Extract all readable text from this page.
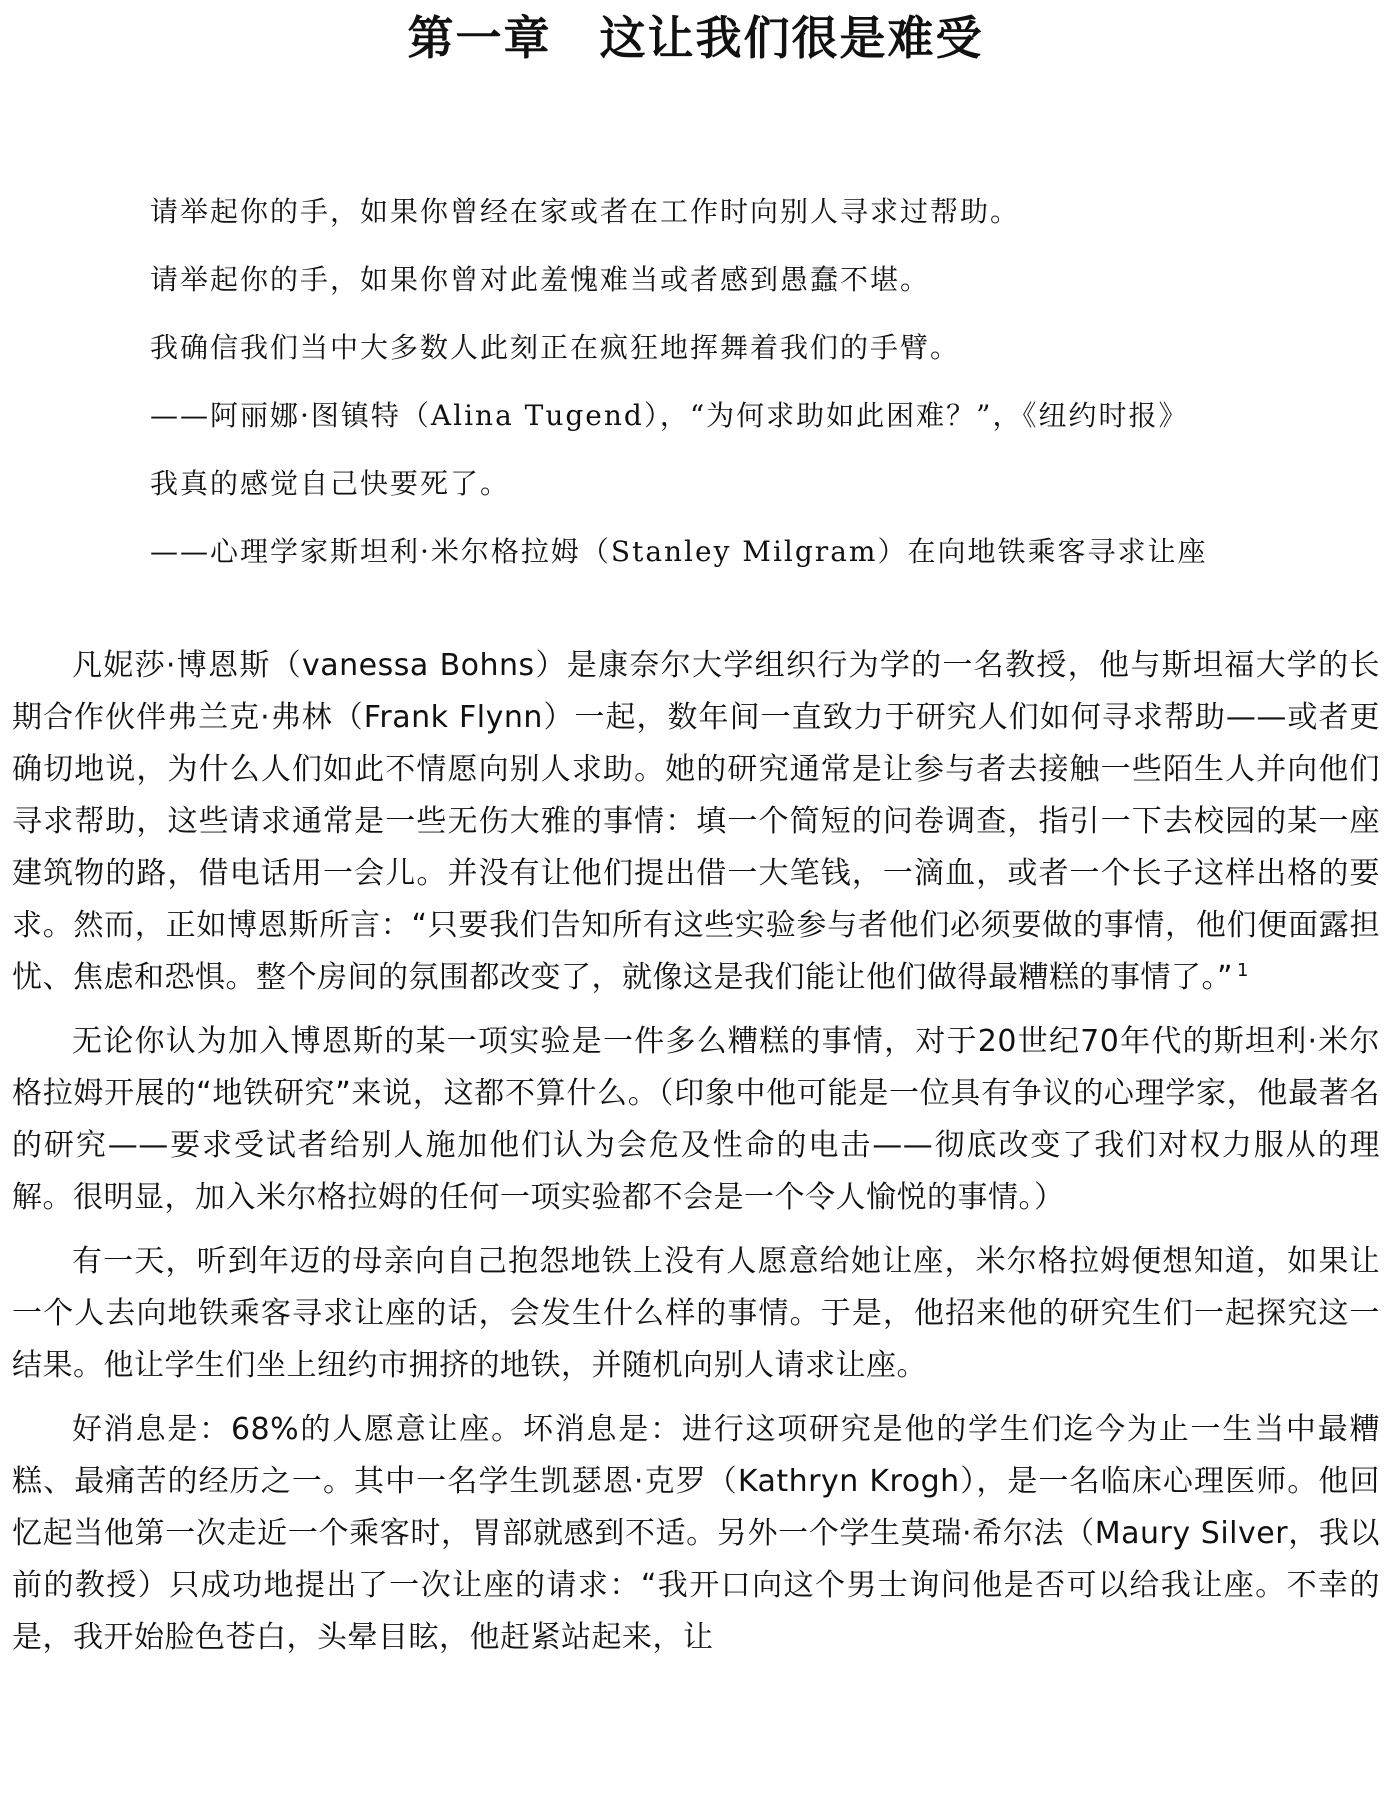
第一章　这让我们很是难受

请举起你的手，如果你曾经在家或者在工作时向别人寻求过帮助。

请举起你的手，如果你曾对此羞愧难当或者感到愚蠢不堪。

我确信我们当中大多数人此刻正在疯狂地挥舞着我们的手臂。

——阿丽娜·图镇特（Alina Tugend），“为何求助如此困难？”，《纽约时报》

我真的感觉自己快要死了。

——心理学家斯坦利·米尔格拉姆（Stanley Milgram）在向地铁乘客寻求让座

凡妮莎·博恩斯（vanessa Bohns）是康奈尔大学组织行为学的一名教授，他与斯坦福大学的长期合作伙伴弗兰克·弗林（Frank Flynn）一起，数年间一直致力于研究人们如何寻求帮助——或者更确切地说，为什么人们如此不情愿向别人求助。她的研究通常是让参与者去接触一些陌生人并向他们寻求帮助，这些请求通常是一些无伤大雅的事情：填一个简短的问卷调查，指引一下去校园的某一座建筑物的路，借电话用一会儿。并没有让他们提出借一大笔钱，一滴血，或者一个长子这样出格的要求。然而，正如博恩斯所言：“只要我们告知所有这些实验参与者他们必须要做的事情，他们便面露担忧、焦虑和恐惧。整个房间的氛围都改变了，就像这是我们能让他们做得最糟糕的事情了。” $^1$

无论你认为加入博恩斯的某一项实验是一件多么糟糕的事情，对于20世纪70年代的斯坦利·米尔格拉姆开展的“地铁研究”来说，这都不算什么。（印象中他可能是一位具有争议的心理学家，他最著名的研究——要求受试者给别人施加他们认为会危及性命的电击——彻底改变了我们对权力服从的理解。很明显，加入米尔格拉姆的任何一项实验都不会是一个令人愉悦的事情。）

有一天，听到年迈的母亲向自己抱怨地铁上没有人愿意给她让座，米尔格拉姆便想知道，如果让一个人去向地铁乘客寻求让座的话，会发生什么样的事情。于是，他招来他的研究生们一起探究这一结果。他让学生们坐上纽约市拥挤的地铁，并随机向别人请求让座。

好消息是：68%的人愿意让座。坏消息是：进行这项研究是他的学生们迄今为止一生当中最糟糕、最痛苦的经历之一。其中一名学生凯瑟恩·克罗（Kathryn Krogh），是一名临床心理医师。他回忆起当他第一次走近一个乘客时，胃部就感到不适。另外一个学生莫瑞·希尔法（Maury Silver，我以前的教授）只成功地提出了一次让座的请求：“我开口向这个男士询问他是否可以给我让座。不幸的是，我开始脸色苍白，头晕目眩，他赶紧站起来，让
